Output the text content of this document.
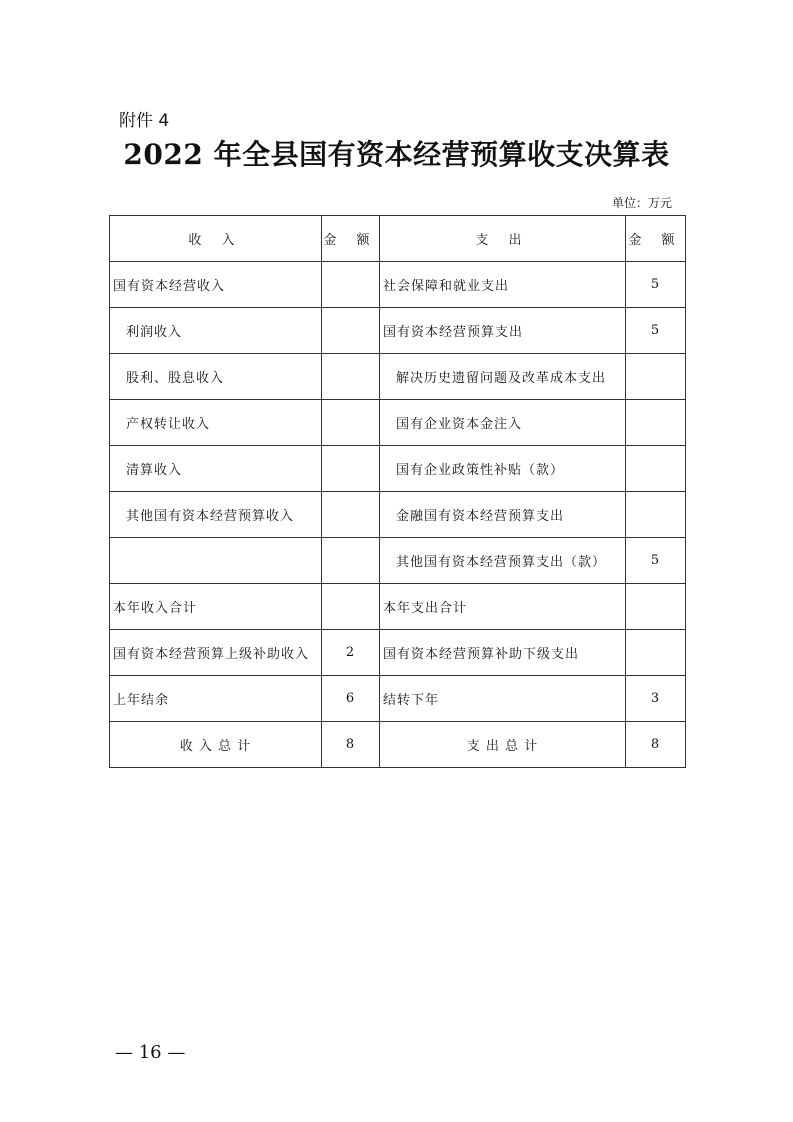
附件 4
2022 年全县国有资本经营预算收支决算表
单位：万元
收 入	金 额	支 出	金 额
国有资本经营收入		社会保障和就业支出	5
利润收入		国有资本经营预算支出	5
股利、股息收入		解决历史遗留问题及改革成本支出	
产权转让收入		国有企业资本金注入	
清算收入		国有企业政策性补贴（款）	
其他国有资本经营预算收入		金融国有资本经营预算支出	
		其他国有资本经营预算支出（款）	5
本年收入合计		本年支出合计	
国有资本经营预算上级补助收入	2	国有资本经营预算补助下级支出	
上年结余	6	结转下年	3
收 入 总 计	8	支 出 总 计	8
— 16 —
